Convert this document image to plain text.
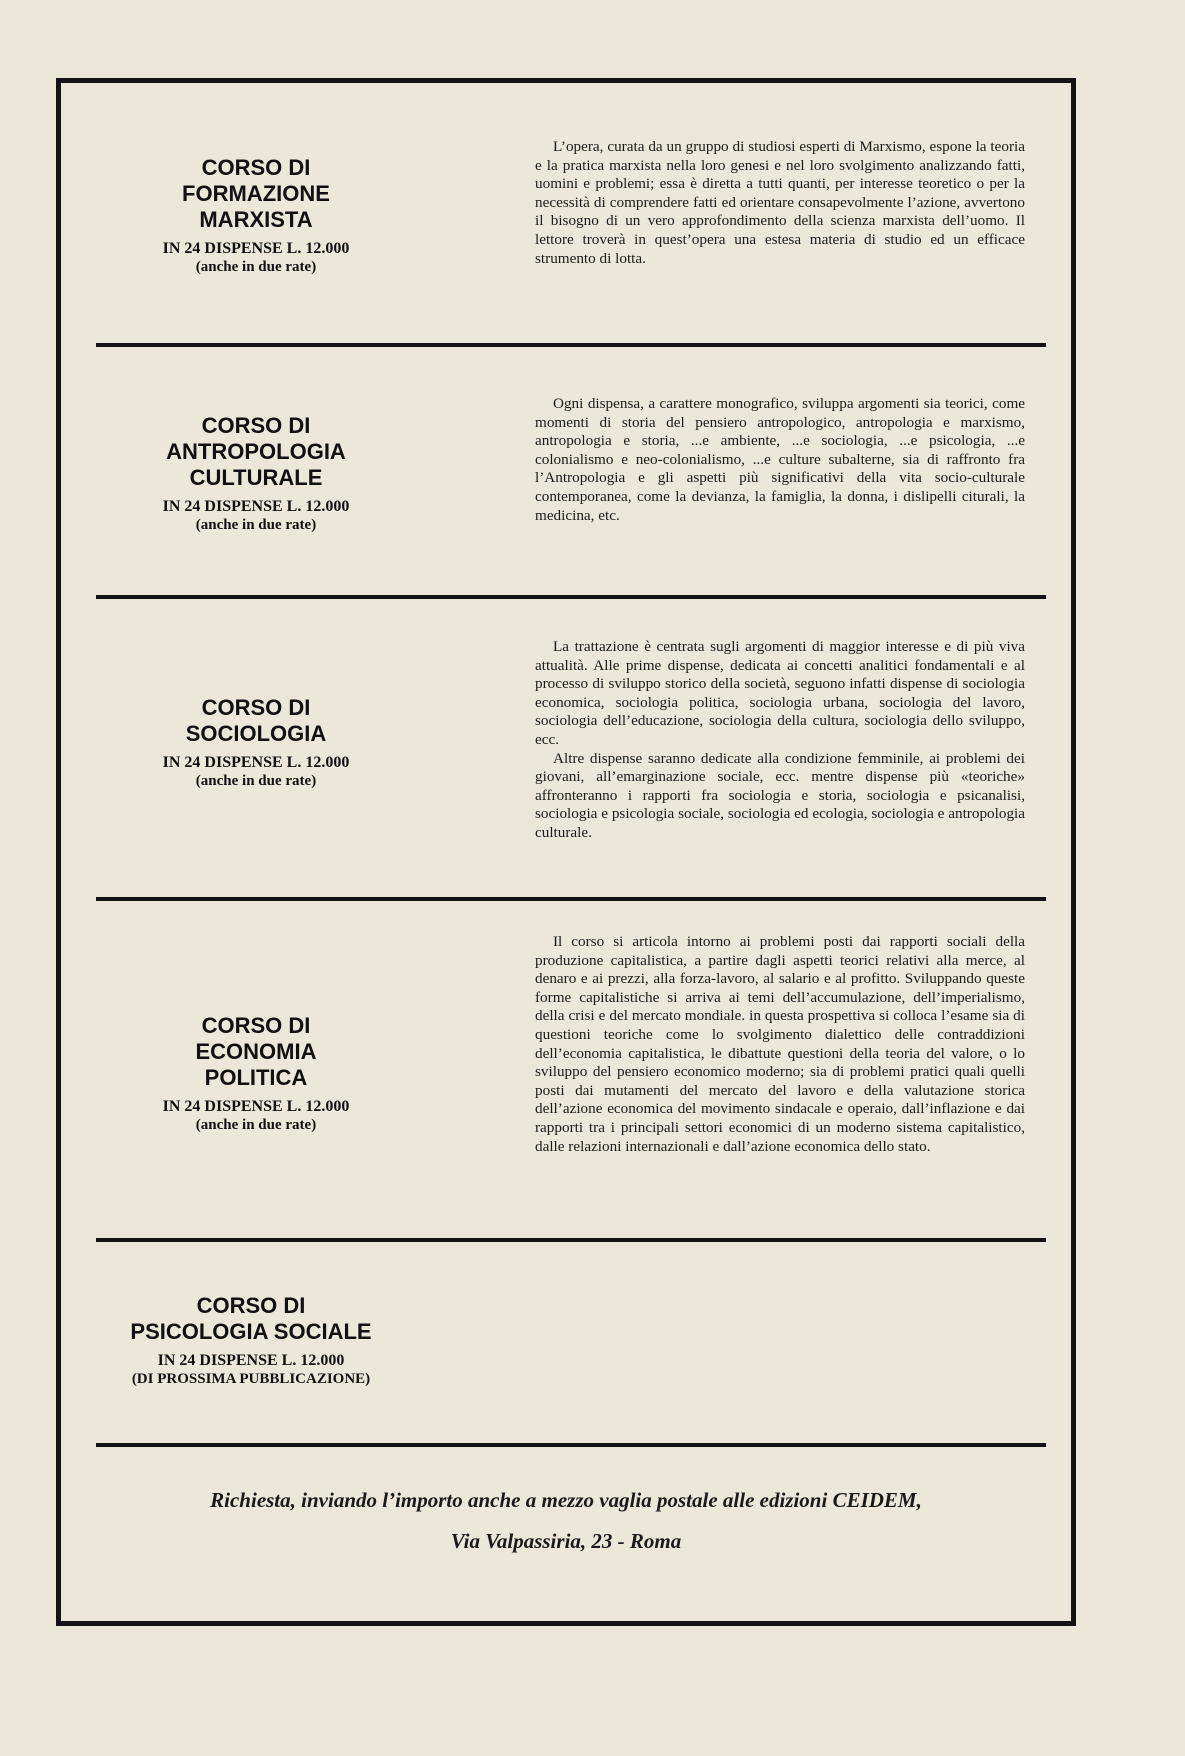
CORSO DI
FORMAZIONE
MARXISTA
IN 24 DISPENSE L. 12.000
(anche in due rate)

L’opera, curata da un gruppo di studiosi esperti di Marxismo, espone la teoria e la pratica marxista nella loro genesi e nel loro svolgimento analizzando fatti, uomini e problemi; essa è diretta a tutti quanti, per interesse teoretico o per la necessità di comprendere fatti ed orientare consapevolmente l’azione, avvertono il bisogno di un vero approfondimento della scienza marxista dell’uomo. Il lettore troverà in quest’opera una estesa materia di studio ed un efficace strumento di lotta.

CORSO DI
ANTROPOLOGIA
CULTURALE
IN 24 DISPENSE L. 12.000
(anche in due rate)

Ogni dispensa, a carattere monografico, sviluppa argomenti sia teorici, come momenti di storia del pensiero antropologico, antropologia e marxismo, antropologia e storia, ...e ambiente, ...e sociologia, ...e psicologia, ...e colonialismo e neo-colonialismo, ...e culture subalterne, sia di raffronto fra l’Antropologia e gli aspetti più significativi della vita socio-culturale contemporanea, come la devianza, la famiglia, la donna, i dislipelli citurali, la medicina, etc.

CORSO DI
SOCIOLOGIA
IN 24 DISPENSE L. 12.000
(anche in due rate)

La trattazione è centrata sugli argomenti di maggior interesse e di più viva attualità. Alle prime dispense, dedicata ai concetti analitici fondamentali e al processo di sviluppo storico della società, seguono infatti dispense di sociologia economica, sociologia politica, sociologia urbana, sociologia del lavoro, sociologia dell’educazione, sociologia della cultura, sociologia dello sviluppo, ecc.

Altre dispense saranno dedicate alla condizione femminile, ai problemi dei giovani, all’emarginazione sociale, ecc. mentre dispense più «teoriche» affronteranno i rapporti fra sociologia e storia, sociologia e psicanalisi, sociologia e psicologia sociale, sociologia ed ecologia, sociologia e antropologia culturale.

CORSO DI
ECONOMIA
POLITICA
IN 24 DISPENSE L. 12.000
(anche in due rate)

Il corso si articola intorno ai problemi posti dai rapporti sociali della produzione capitalistica, a partire dagli aspetti teorici relativi alla merce, al denaro e ai prezzi, alla forza-lavoro, al salario e al profitto. Sviluppando queste forme capitalistiche si arriva ai temi dell’accumulazione, dell’imperialismo, della crisi e del mercato mondiale. in questa prospettiva si colloca l’esame sia di questioni teoriche come lo svolgimento dialettico delle contraddizioni dell’economia capitalistica, le dibattute questioni della teoria del valore, o lo sviluppo del pensiero economico moderno; sia di problemi pratici quali quelli posti dai mutamenti del mercato del lavoro e della valutazione storica dell’azione economica del movimento sindacale e operaio, dall’inflazione e dai rapporti tra i principali settori economici di un moderno sistema capitalistico, dalle relazioni internazionali e dall’azione economica dello stato.

CORSO DI
PSICOLOGIA SOCIALE
IN 24 DISPENSE L. 12.000
(DI PROSSIMA PUBBLICAZIONE)
Richiesta, inviando l’importo anche a mezzo vaglia postale alle edizioni CEIDEM,
Via Valpassiria, 23 - Roma
